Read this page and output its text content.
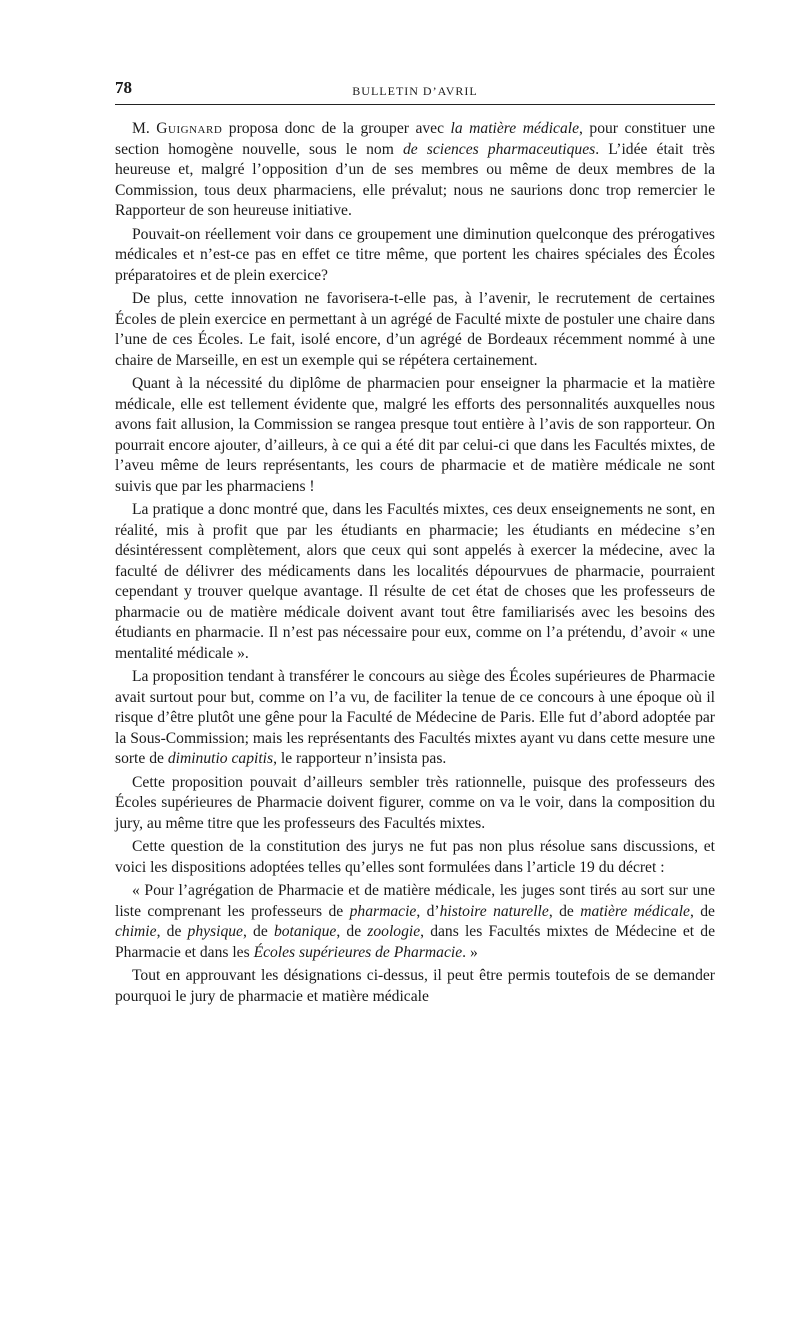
78	BULLETIN D’AVRIL

M. Guignard proposa donc de la grouper avec la matière médicale, pour constituer une section homogène nouvelle, sous le nom de sciences pharmaceutiques. L’idée était très heureuse et, malgré l’opposition d’un de ses membres ou même de deux membres de la Commission, tous deux pharmaciens, elle prévalut; nous ne saurions donc trop remercier le Rapporteur de son heureuse initiative.

Pouvait-on réellement voir dans ce groupement une diminution quelconque des prérogatives médicales et n’est-ce pas en effet ce titre même, que portent les chaires spéciales des Écoles préparatoires et de plein exercice?

De plus, cette innovation ne favorisera-t-elle pas, à l’avenir, le recrutement de certaines Écoles de plein exercice en permettant à un agrégé de Faculté mixte de postuler une chaire dans l’une de ces Écoles. Le fait, isolé encore, d’un agrégé de Bordeaux récemment nommé à une chaire de Marseille, en est un exemple qui se répétera certainement.

Quant à la nécessité du diplôme de pharmacien pour enseigner la pharmacie et la matière médicale, elle est tellement évidente que, malgré les efforts des personnalités auxquelles nous avons fait allusion, la Commission se rangea presque tout entière à l’avis de son rapporteur. On pourrait encore ajouter, d’ailleurs, à ce qui a été dit par celui-ci que dans les Facultés mixtes, de l’aveu même de leurs représentants, les cours de pharmacie et de matière médicale ne sont suivis que par les pharmaciens !

La pratique a donc montré que, dans les Facultés mixtes, ces deux enseignements ne sont, en réalité, mis à profit que par les étudiants en pharmacie; les étudiants en médecine s’en désintéressent complètement, alors que ceux qui sont appelés à exercer la médecine, avec la faculté de délivrer des médicaments dans les localités dépourvues de pharmacie, pourraient cependant y trouver quelque avantage. Il résulte de cet état de choses que les professeurs de pharmacie ou de matière médicale doivent avant tout être familiarisés avec les besoins des étudiants en pharmacie. Il n’est pas nécessaire pour eux, comme on l’a prétendu, d’avoir « une mentalité médicale ».

La proposition tendant à transférer le concours au siège des Écoles supérieures de Pharmacie avait surtout pour but, comme on l’a vu, de faciliter la tenue de ce concours à une époque où il risque d’être plutôt une gêne pour la Faculté de Médecine de Paris. Elle fut d’abord adoptée par la Sous-Commission; mais les représentants des Facultés mixtes ayant vu dans cette mesure une sorte de diminutio capitis, le rapporteur n’insista pas.

Cette proposition pouvait d’ailleurs sembler très rationnelle, puisque des professeurs des Écoles supérieures de Pharmacie doivent figurer, comme on va le voir, dans la composition du jury, au même titre que les professeurs des Facultés mixtes.

Cette question de la constitution des jurys ne fut pas non plus résolue sans discussions, et voici les dispositions adoptées telles qu’elles sont formulées dans l’article 19 du décret :

« Pour l’agrégation de Pharmacie et de matière médicale, les juges sont tirés au sort sur une liste comprenant les professeurs de pharmacie, d’histoire naturelle, de matière médicale, de chimie, de physique, de botanique, de zoologie, dans les Facultés mixtes de Médecine et de Pharmacie et dans les Écoles supérieures de Pharmacie. »

Tout en approuvant les désignations ci-dessus, il peut être permis toutefois de se demander pourquoi le jury de pharmacie et matière médicale
